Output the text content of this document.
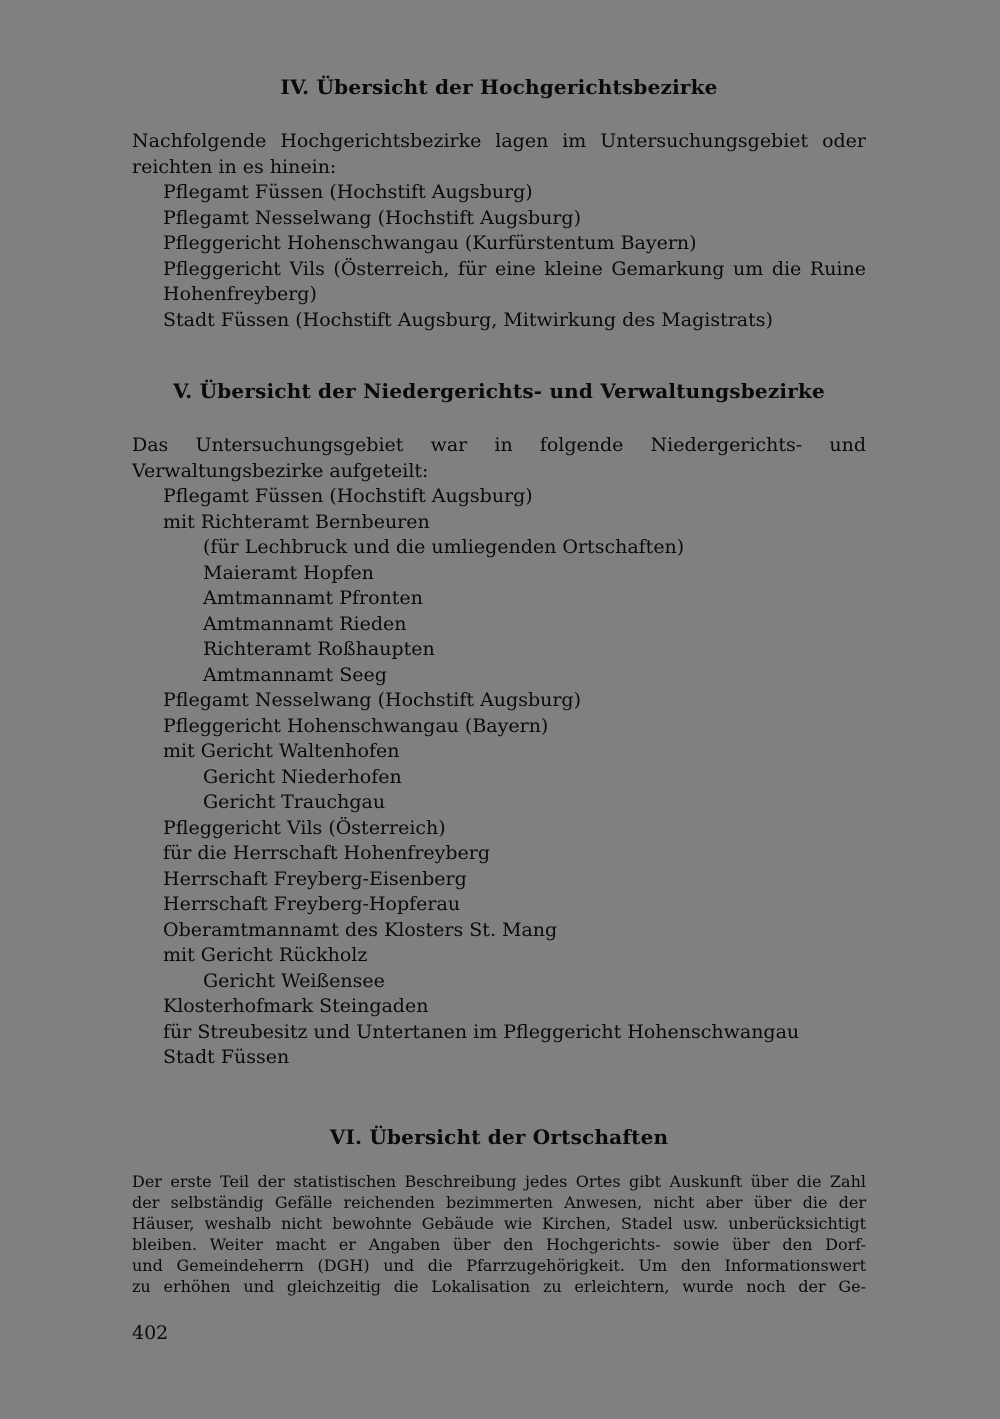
IV. Übersicht der Hochgerichtsbezirke

Nachfolgende Hochgerichtsbezirke lagen im Untersuchungsgebiet oder reichten in es hinein:

Pflegamt Füssen (Hochstift Augsburg)
Pflegamt Nesselwang (Hochstift Augsburg)
Pfleggericht Hohenschwangau (Kurfürstentum Bayern)
Pfleggericht Vils (Österreich, für eine kleine Gemarkung um die Ruine Hohenfreyberg)
Stadt Füssen (Hochstift Augsburg, Mitwirkung des Magistrats)
V. Übersicht der Niedergerichts- und Verwaltungsbezirke

Das Untersuchungsgebiet war in folgende Niedergerichts- und Verwaltungsbezirke aufgeteilt:

Pflegamt Füssen (Hochstift Augsburg)
mit Richteramt Bernbeuren
(für Lechbruck und die umliegenden Ortschaften)
Maieramt Hopfen
Amtmannamt Pfronten
Amtmannamt Rieden
Richteramt Roßhaupten
Amtmannamt Seeg
Pflegamt Nesselwang (Hochstift Augsburg)
Pfleggericht Hohenschwangau (Bayern)
mit Gericht Waltenhofen
Gericht Niederhofen
Gericht Trauchgau
Pfleggericht Vils (Österreich)
für die Herrschaft Hohenfreyberg
Herrschaft Freyberg-Eisenberg
Herrschaft Freyberg-Hopferau
Oberamtmannamt des Klosters St. Mang
mit Gericht Rückholz
Gericht Weißensee
Klosterhofmark Steingaden
für Streubesitz und Untertanen im Pfleggericht Hohenschwangau
Stadt Füssen
VI. Übersicht der Ortschaften

Der erste Teil der statistischen Beschreibung jedes Ortes gibt Auskunft über die Zahl

der selbständig Gefälle reichenden bezimmerten Anwesen, nicht aber über die der

Häuser, weshalb nicht bewohnte Gebäude wie Kirchen, Stadel usw. unberücksichtigt

bleiben. Weiter macht er Angaben über den Hochgerichts- sowie über den Dorf-

und Gemeindeherrn (DGH) und die Pfarrzugehörigkeit. Um den Informationswert

zu erhöhen und gleichzeitig die Lokalisation zu erleichtern, wurde noch der Ge-

402
